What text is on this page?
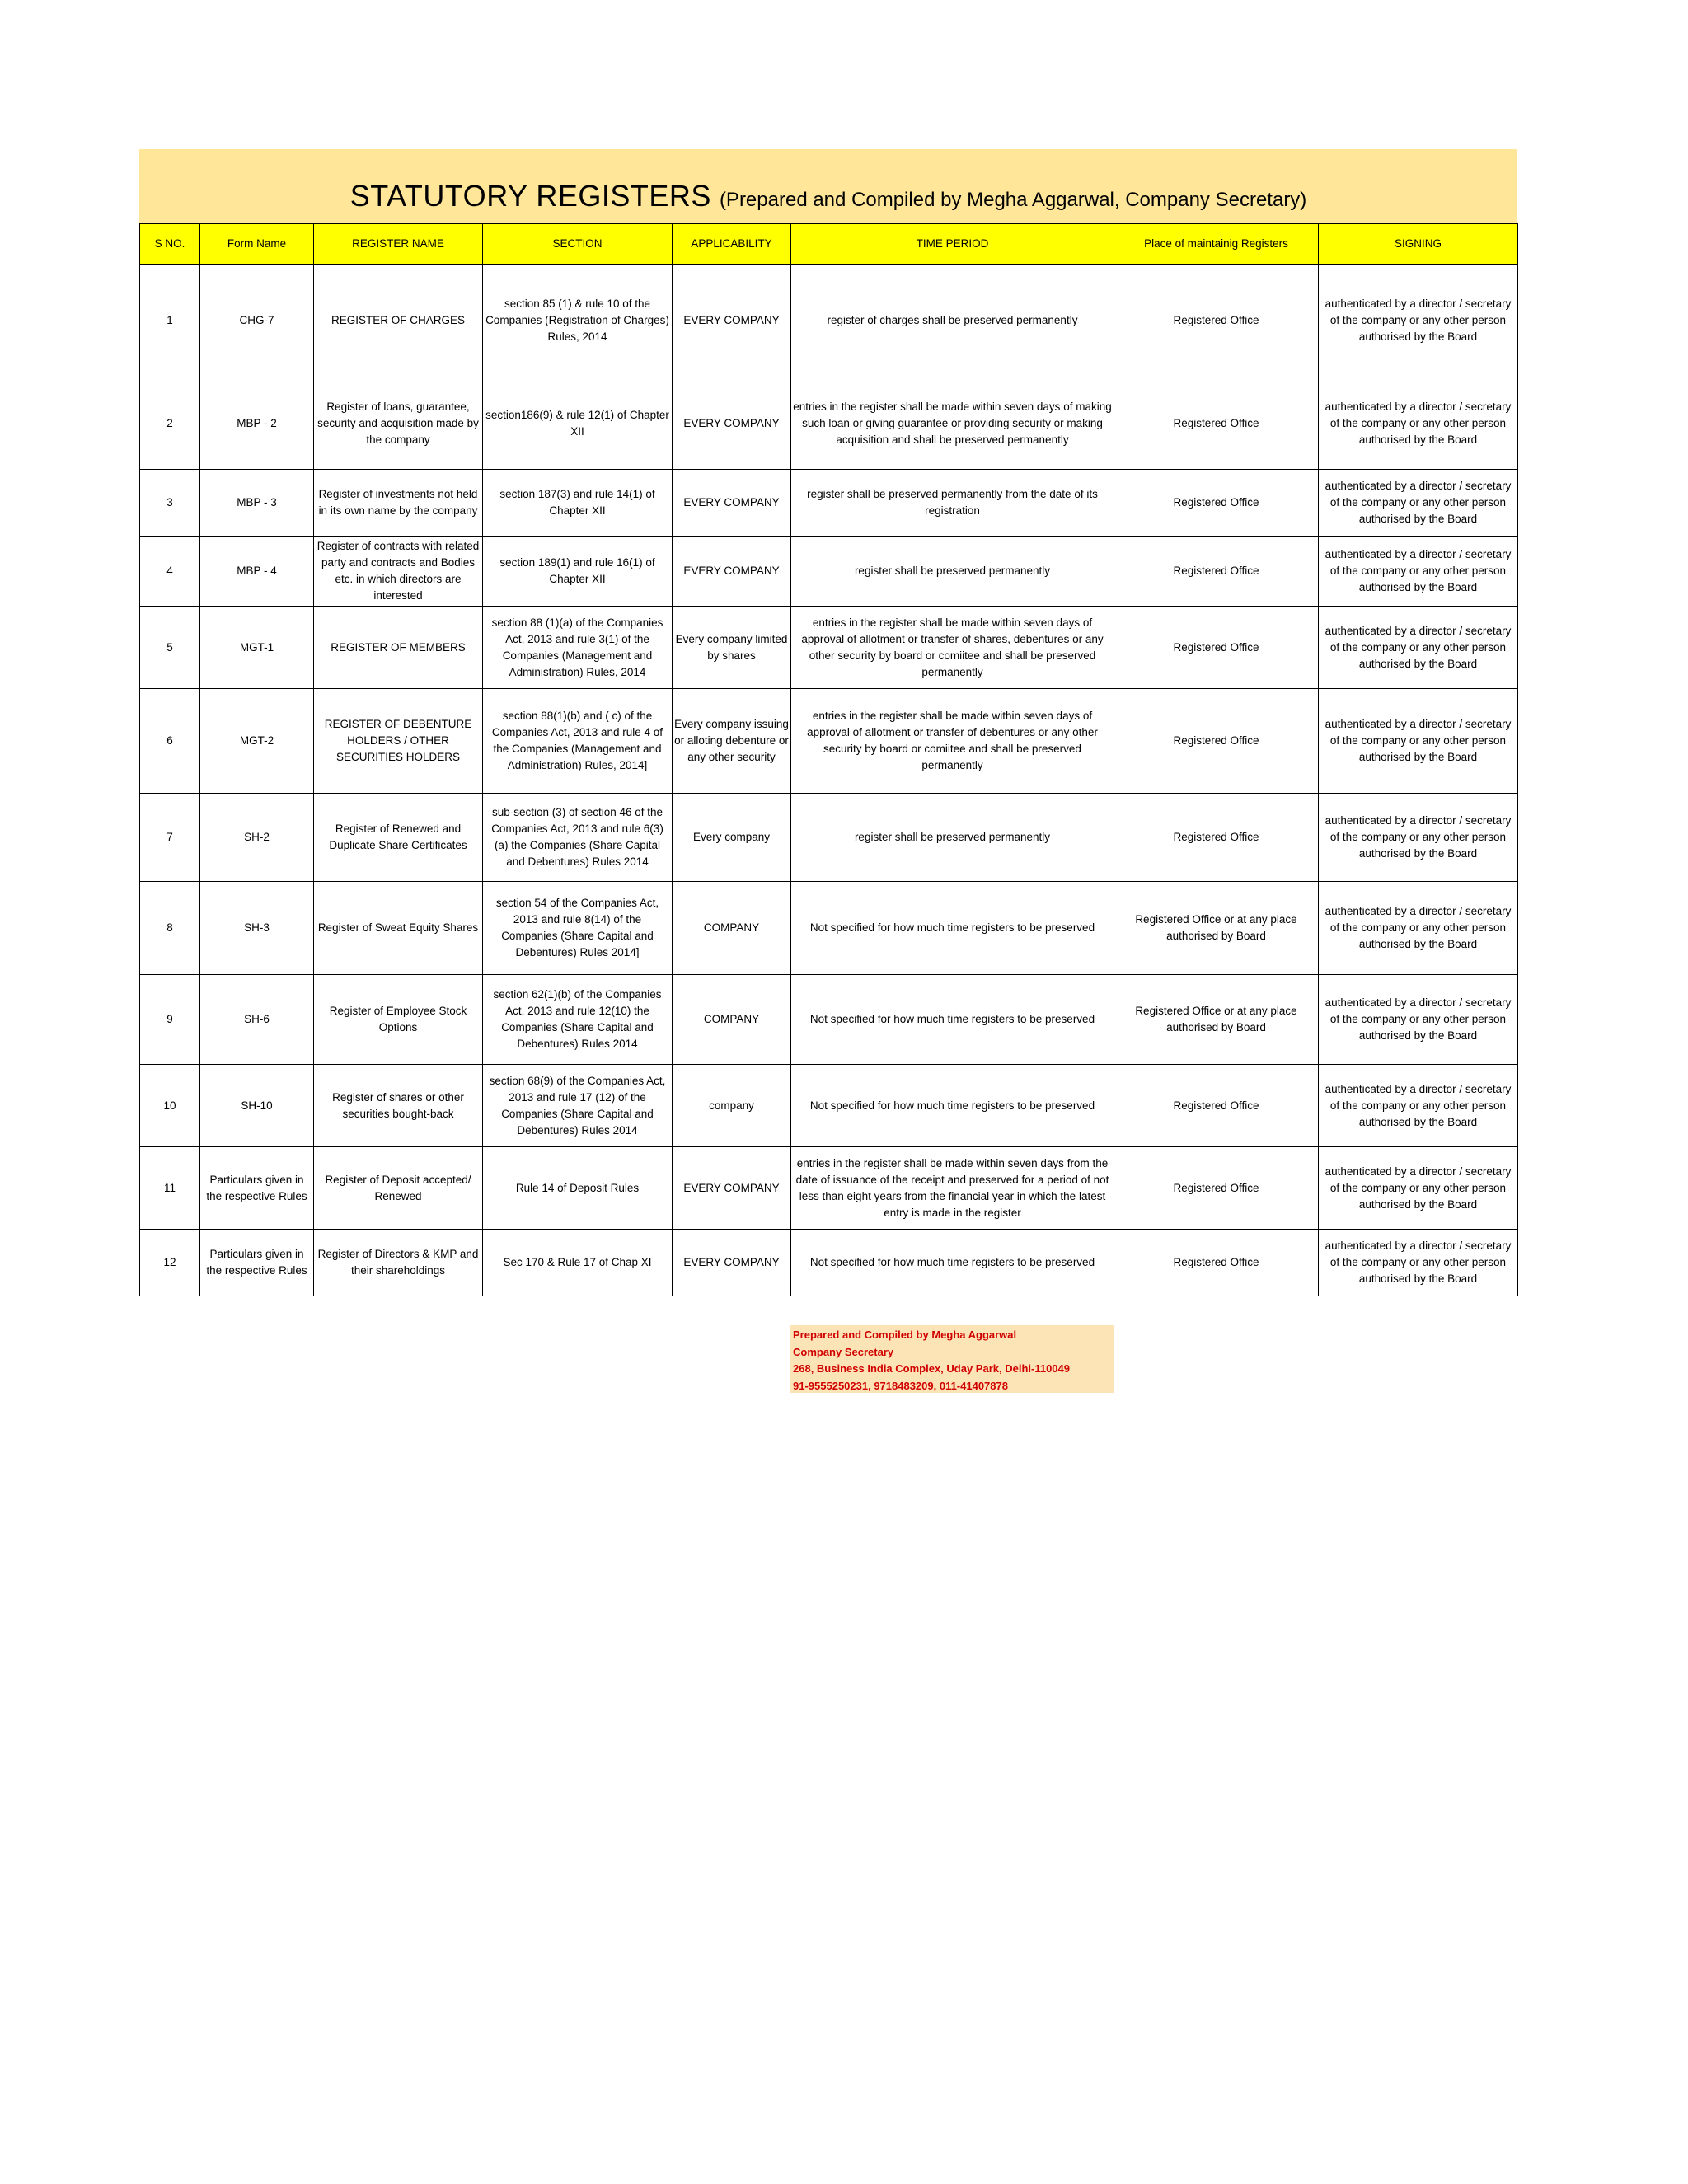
STATUTORY REGISTERS (Prepared and Compiled by Megha Aggarwal, Company Secretary)
S NO.	Form Name	REGISTER NAME	SECTION	APPLICABILITY	TIME PERIOD	Place of maintainig Registers	SIGNING
1	CHG-7	REGISTER OF CHARGES	section 85 (1) & rule 10 of the Companies (Registration of Charges) Rules, 2014	EVERY COMPANY	register of charges shall be preserved permanently	Registered Office	authenticated by a director / secretary of the company or any other person authorised by the Board
2	MBP - 2	Register of loans, guarantee, security and acquisition made by the company	section186(9) & rule 12(1) of Chapter XII	EVERY COMPANY	entries in the register shall be made within seven days of making such loan or giving guarantee or providing security or making acquisition and shall be preserved permanently	Registered Office	authenticated by a director / secretary of the company or any other person authorised by the Board
3	MBP - 3	Register of investments not held in its own name by the company	section 187(3) and rule 14(1) of Chapter XII	EVERY COMPANY	register shall be preserved permanently from the date of its registration	Registered Office	authenticated by a director / secretary of the company or any other person authorised by the Board
4	MBP - 4	Register of contracts with related party and contracts and Bodies etc. in which directors are interested	section 189(1) and rule 16(1) of Chapter XII	EVERY COMPANY	register shall be preserved permanently	Registered Office	authenticated by a director / secretary of the company or any other person authorised by the Board
5	MGT-1	REGISTER OF MEMBERS	section 88 (1)(a) of the Companies Act, 2013 and rule 3(1) of the Companies (Management and Administration) Rules, 2014	Every company limited by shares	entries in the register shall be made within seven days of approval of allotment or transfer of shares, debentures or any other security by board or comiitee and shall be preserved permanently	Registered Office	authenticated by a director / secretary of the company or any other person authorised by the Board
6	MGT-2	REGISTER OF DEBENTURE HOLDERS / OTHER SECURITIES HOLDERS	section 88(1)(b) and ( c) of the Companies Act, 2013 and rule 4 of the Companies (Management and Administration) Rules, 2014]	Every company issuing or alloting debenture or any other security	entries in the register shall be made within seven days of approval of allotment or transfer of debentures or any other security by board or comiitee and shall be preserved permanently	Registered Office	authenticated by a director / secretary of the company or any other person authorised by the Board
7	SH-2	Register of Renewed and Duplicate Share Certificates	sub-section (3) of section 46 of the Companies Act, 2013 and rule 6(3)(a) the Companies (Share Capital and Debentures) Rules 2014	Every company	register shall be preserved permanently	Registered Office	authenticated by a director / secretary of the company or any other person authorised by the Board
8	SH-3	Register of Sweat Equity Shares	section 54 of the Companies Act, 2013 and rule 8(14) of the Companies (Share Capital and Debentures) Rules 2014]	COMPANY	Not specified for how much time registers to be preserved	Registered Office or at any place authorised by Board	authenticated by a director / secretary of the company or any other person authorised by the Board
9	SH-6	Register of Employee Stock Options	section 62(1)(b) of the Companies Act, 2013 and rule 12(10) the Companies (Share Capital and Debentures) Rules 2014	COMPANY	Not specified for how much time registers to be preserved	Registered Office or at any place authorised by Board	authenticated by a director / secretary of the company or any other person authorised by the Board
10	SH-10	Register of shares or other securities bought-back	section 68(9) of the Companies Act, 2013 and rule 17 (12) of the Companies (Share Capital and Debentures) Rules 2014	company	Not specified for how much time registers to be preserved	Registered Office	authenticated by a director / secretary of the company or any other person authorised by the Board
11	Particulars given in the respective Rules	Register of Deposit accepted/ Renewed	Rule 14 of Deposit Rules	EVERY COMPANY	entries in the register shall be made within seven days from the date of issuance of the receipt and preserved for a period of not less than eight years from the financial year in which the latest entry is made in the register	Registered Office	authenticated by a director / secretary of the company or any other person authorised by the Board
12	Particulars given in the respective Rules	Register of Directors & KMP and their shareholdings	Sec 170 & Rule 17 of Chap XI	EVERY COMPANY	Not specified for how much time registers to be preserved	Registered Office	authenticated by a director / secretary of the company or any other person authorised by the Board
Prepared and Compiled by Megha Aggarwal
Company Secretary
268, Business India Complex, Uday Park, Delhi-110049
91-9555250231, 9718483209, 011-41407878
